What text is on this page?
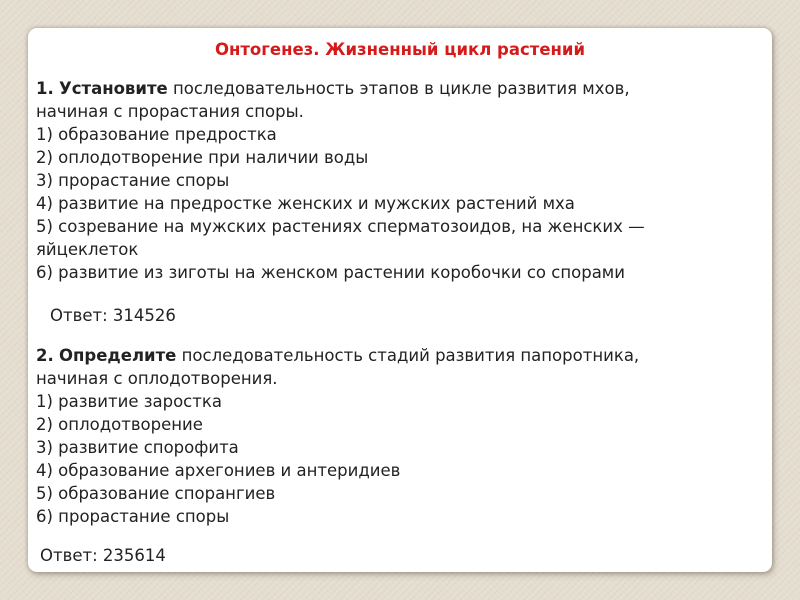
Онтогенез. Жизненный цикл растений
1. Установите последовательность этапов в цикле развития мхов,
начиная с прорастания споры.
1) образование предростка
2) оплодотворение при наличии воды
3) прорастание споры
4) развитие на предростке женских и мужских растений мха
5) созревание на мужских растениях сперматозоидов, на женских —
яйцеклеток
6) развитие из зиготы на женском растении коробочки со спорами
Ответ: 314526
2. Определите последовательность стадий развития папоротника,
начиная с оплодотворения.
1) развитие заростка
2) оплодотворение
3) развитие спорофита
4) образование архегониев и антеридиев
5) образование спорангиев
6) прорастание споры
Ответ: 235614
